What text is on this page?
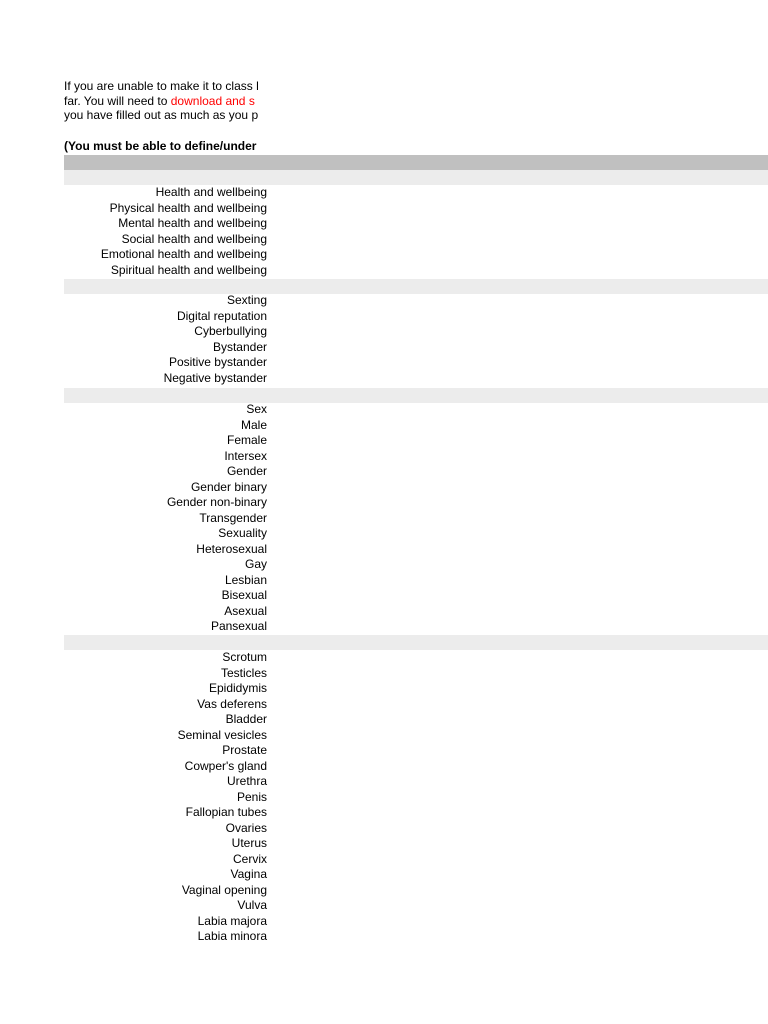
If you are unable to make it to class l
far. You will need to download and s
you have filled out as much as you p
(You must be able to define/under
Health and wellbeing
Physical health and wellbeing
Mental health and wellbeing
Social health and wellbeing
Emotional health and wellbeing
Spiritual health and wellbeing
Sexting
Digital reputation
Cyberbullying
Bystander
Positive bystander
Negative bystander
Sex
Male
Female
Intersex
Gender
Gender binary
Gender non-binary
Transgender
Sexuality
Heterosexual
Gay
Lesbian
Bisexual
Asexual
Pansexual
Scrotum
Testicles
Epididymis
Vas deferens
Bladder
Seminal vesicles
Prostate
Cowper's gland
Urethra
Penis
Fallopian tubes
Ovaries
Uterus
Cervix
Vagina
Vaginal opening
Vulva
Labia majora
Labia minora
